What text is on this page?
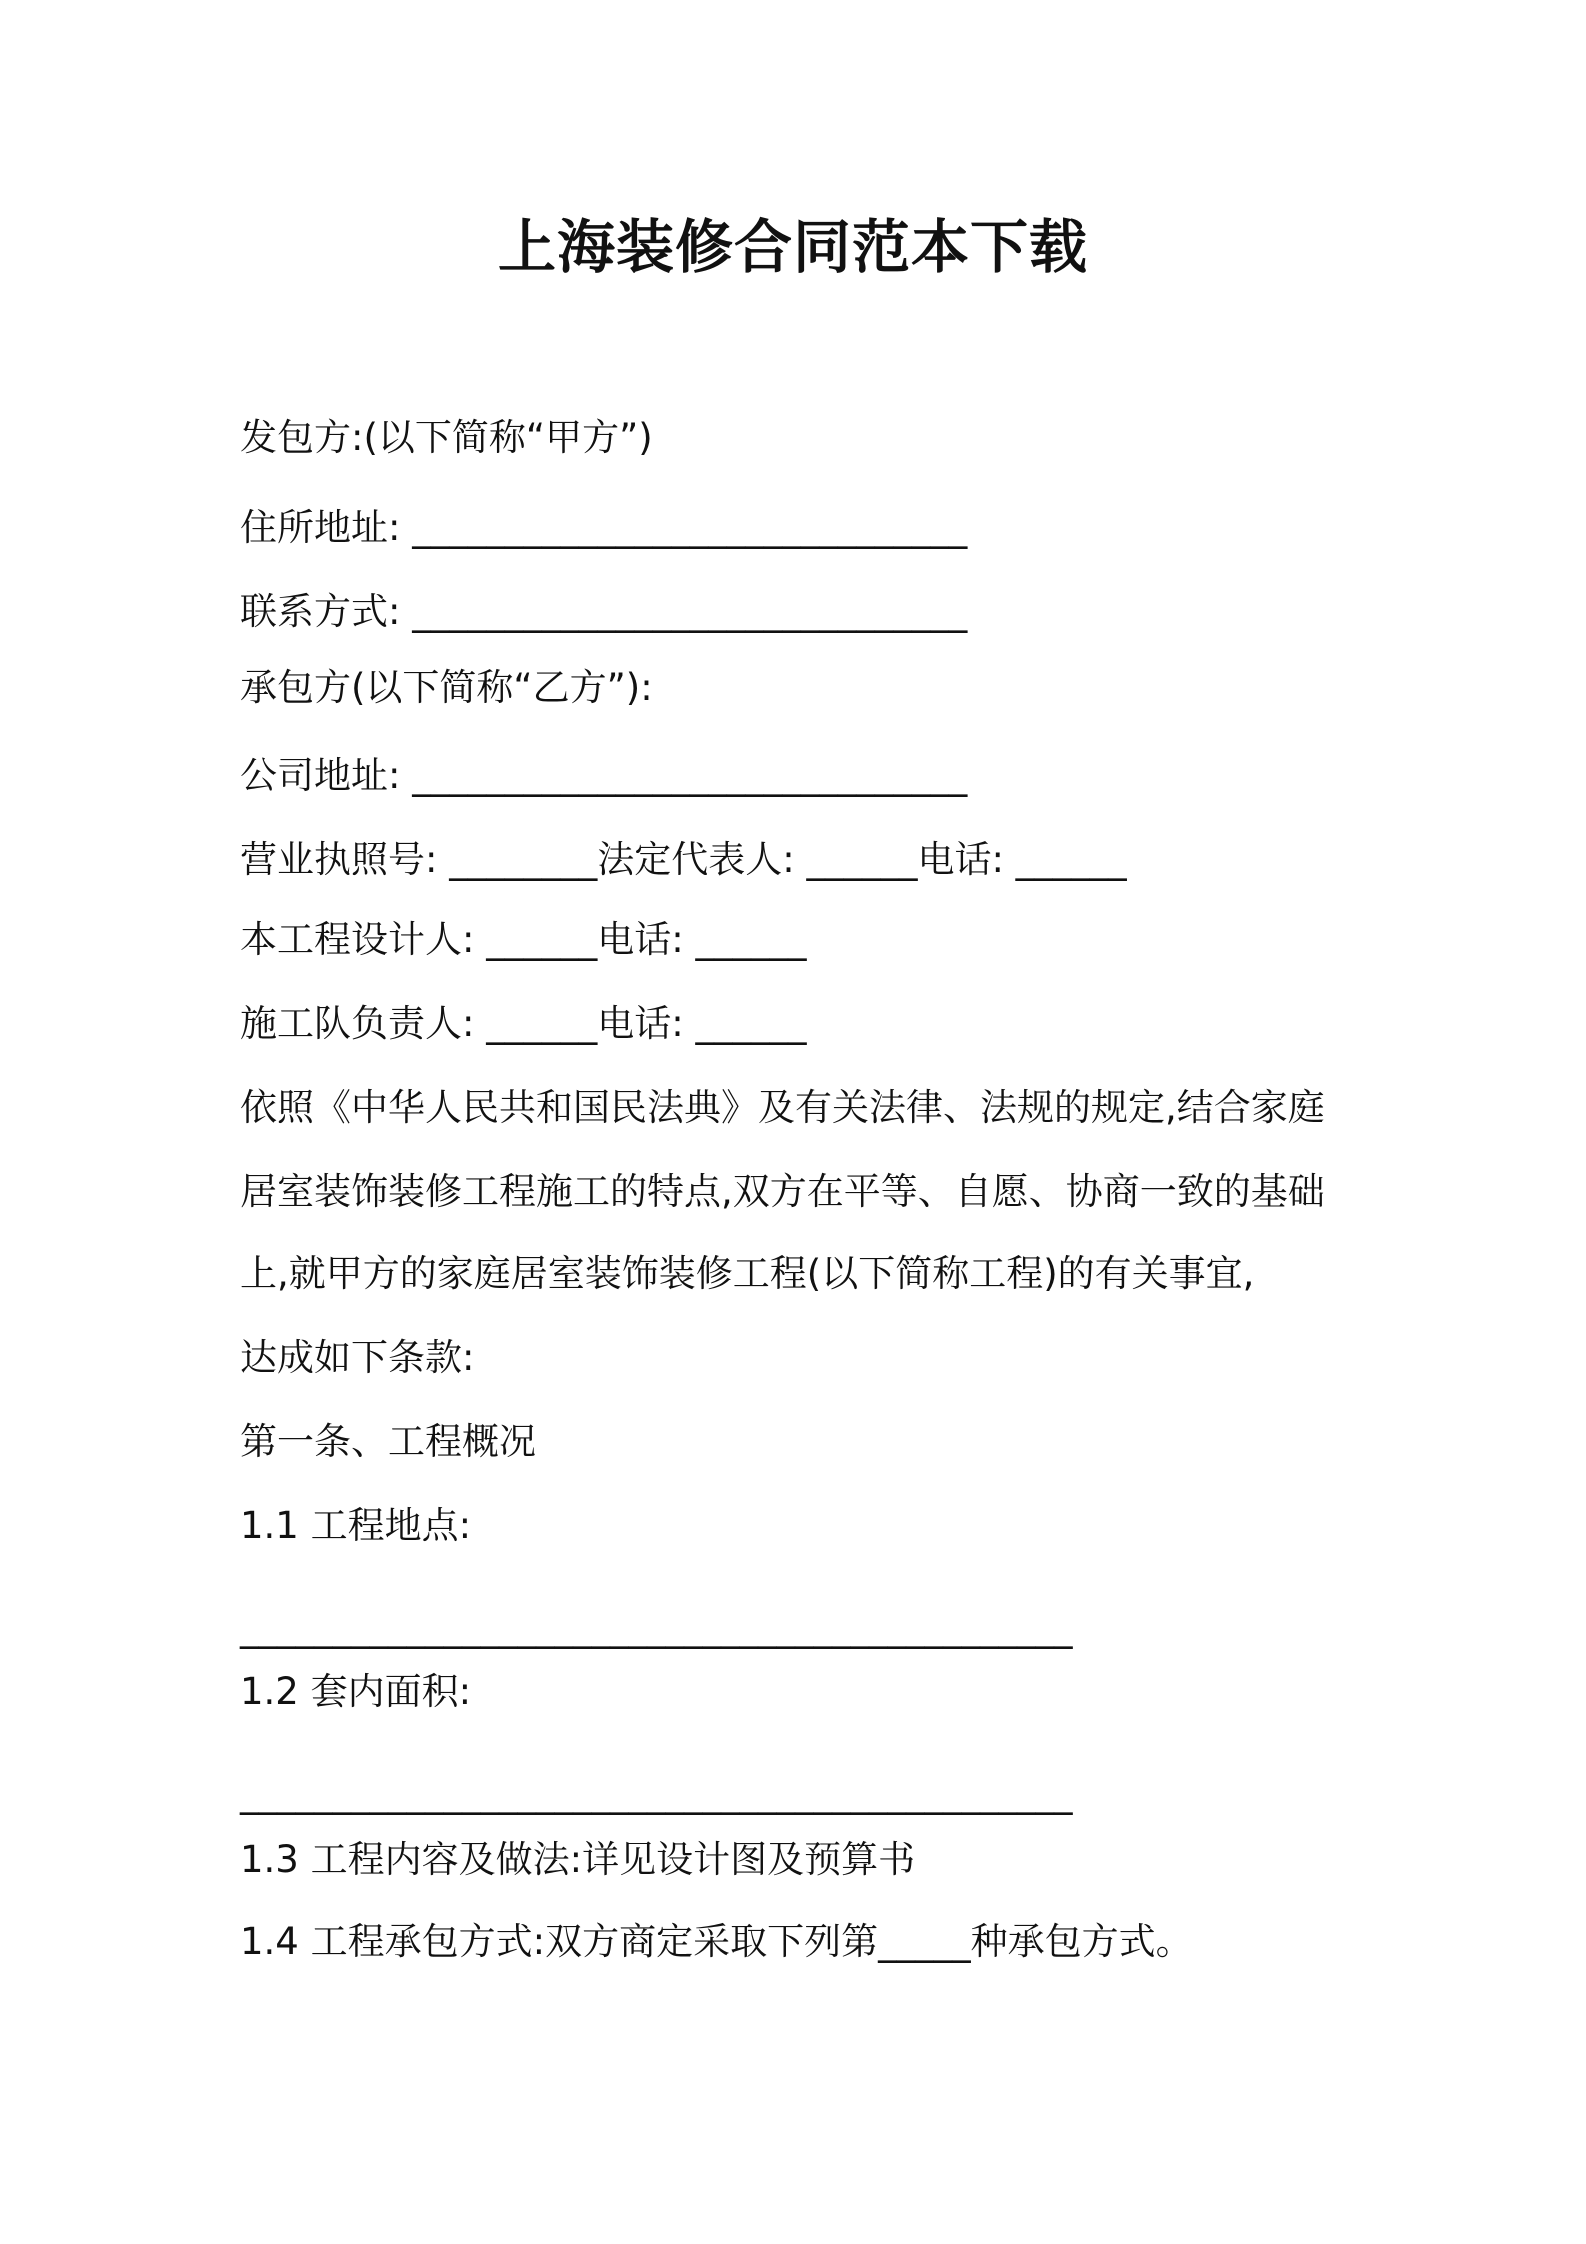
上海装修合同范本下载
发包方:(以下简称“甲方”)
住所地址: ______________________________
联系方式: ______________________________
承包方(以下简称“乙方”):
公司地址: ______________________________
营业执照号: ________法定代表人: ______电话: ______
本工程设计人: ______电话: ______
施工队负责人: ______电话: ______
依照《中华人民共和国民法典》及有关法律、法规的规定,结合家庭
居室装饰装修工程施工的特点,双方在平等、自愿、协商一致的基础
上,就甲方的家庭居室装饰装修工程(以下简称工程)的有关事宜,
达成如下条款:
第一条、工程概况
1.1 工程地点:
_____________________________________________
1.2 套内面积:
_____________________________________________
1.3 工程内容及做法:详见设计图及预算书
1.4 工程承包方式:双方商定采取下列第_____种承包方式。
